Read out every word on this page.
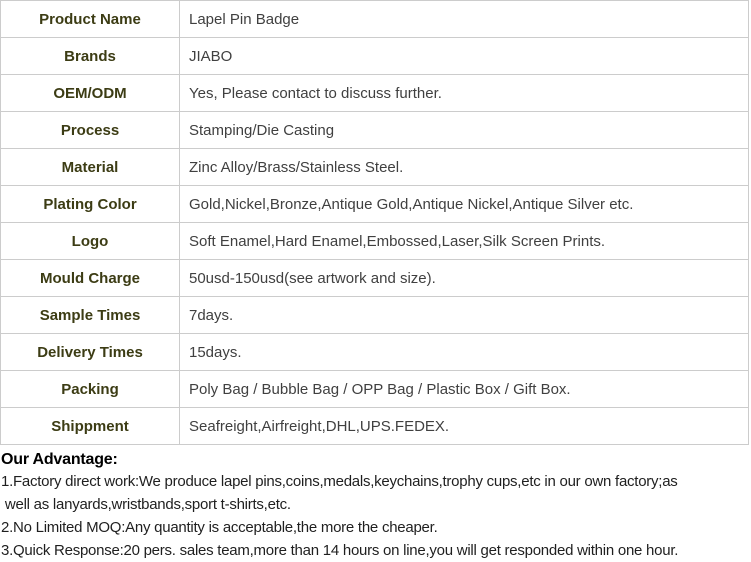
Product Name	Lapel Pin Badge
Brands	JIABO
OEM/ODM	Yes, Please contact to discuss further.
Process	Stamping/Die Casting
Material	Zinc Alloy/Brass/Stainless Steel.
Plating Color	Gold,Nickel,Bronze,Antique Gold,Antique Nickel,Antique Silver etc.
Logo	Soft Enamel,Hard Enamel,Embossed,Laser,Silk Screen Prints.
Mould Charge	50usd-150usd(see artwork and size).
Sample Times	7days.
Delivery Times	15days.
Packing	Poly Bag / Bubble Bag / OPP Bag / Plastic Box / Gift Box.
Shippment	Seafreight,Airfreight,DHL,UPS.FEDEX.
Our Advantage:
1.Factory direct work:We produce lapel pins,coins,medals,keychains,trophy cups,etc in our own factory;as
well as lanyards,wristbands,sport t-shirts,etc.
2.No Limited MOQ:Any quantity is acceptable,the more the cheaper.
3.Quick Response:20 pers. sales team,more than 14 hours on line,you will get responded within one hour.
